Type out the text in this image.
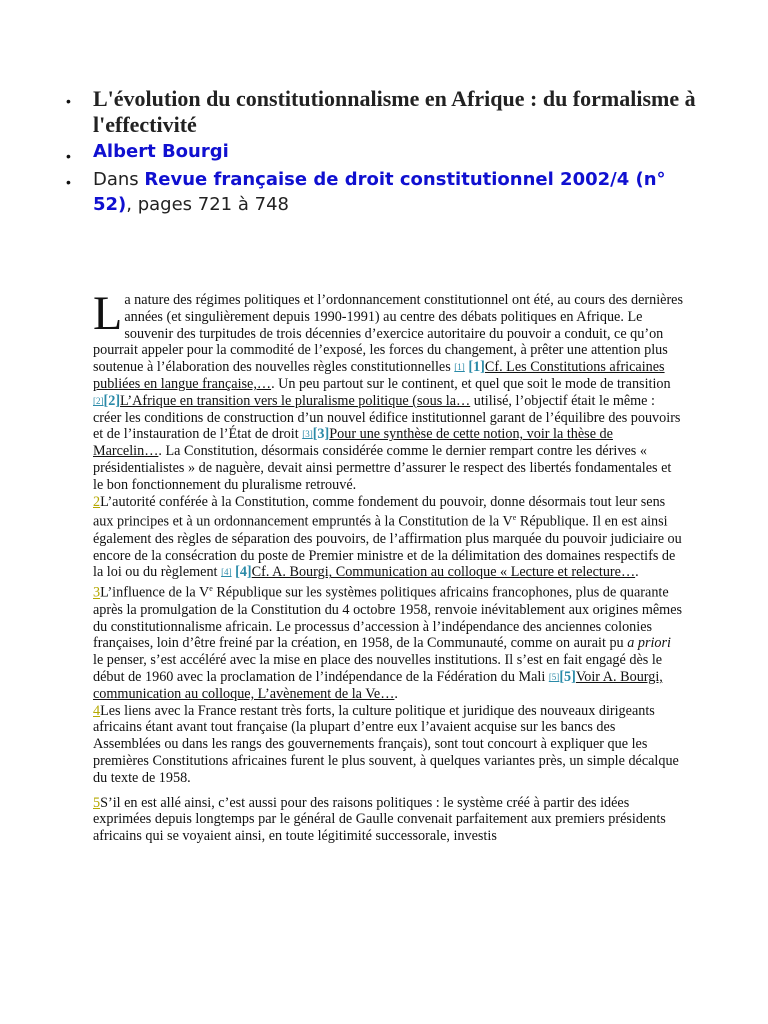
•	L'évolution du constitutionnalisme en Afrique : du formalisme à l'effectivité
•	Albert Bourgi
•	Dans Revue française de droit constitutionnel 2002/4 (n° 52), pages 721 à 748

La nature des régimes politiques et l’ordonnancement constitutionnel ont été, au cours des dernières années (et singulièrement depuis 1990-1991) au centre des débats politiques en Afrique. Le souvenir des turpitudes de trois décennies d’exercice autoritaire du pouvoir a conduit, ce qu’on pourrait appeler pour la commodité de l’exposé, les forces du changement, à prêter une attention plus soutenue à l’élaboration des nouvelles règles constitutionnelles [1] [1]Cf. Les Constitutions africaines publiées en langue française,…. Un peu partout sur le continent, et quel que soit le mode de transition [2][2]L’Afrique en transition vers le pluralisme politique (sous la… utilisé, l’objectif était le même : créer les conditions de construction d’un nouvel édifice institutionnel garant de l’équilibre des pouvoirs et de l’instauration de l’État de droit [3][3]Pour une synthèse de cette notion, voir la thèse de Marcelin…. La Constitution, désormais considérée comme le dernier rempart contre les dérives « présidentialistes » de naguère, devait ainsi permettre d’assurer le respect des libertés fondamentales et le bon fonctionnement du pluralisme retrouvé.

2L’autorité conférée à la Constitution, comme fondement du pouvoir, donne désormais tout leur sens aux principes et à un ordonnancement empruntés à la Constitution de la Ve République. Il en est ainsi également des règles de séparation des pouvoirs, de l’affirmation plus marquée du pouvoir judiciaire ou encore de la consécration du poste de Premier ministre et de la délimitation des domaines respectifs de la loi ou du règlement [4] [4]Cf. A. Bourgi, Communication au colloque « Lecture et relecture….

3L’influence de la Ve République sur les systèmes politiques africains francophones, plus de quarante après la promulgation de la Constitution du 4 octobre 1958, renvoie inévitablement aux origines mêmes du constitutionnalisme africain. Le processus d’accession à l’indépendance des anciennes colonies françaises, loin d’être freiné par la création, en 1958, de la Communauté, comme on aurait pu a priori le penser, s’est accéléré avec la mise en place des nouvelles institutions. Il s’est en fait engagé dès le début de 1960 avec la proclamation de l’indépendance de la Fédération du Mali [5][5]Voir A. Bourgi, communication au colloque, L’avènement de la Ve….

4Les liens avec la France restant très forts, la culture politique et juridique des nouveaux dirigeants africains étant avant tout française (la plupart d’entre eux l’avaient acquise sur les bancs des Assemblées ou dans les rangs des gouvernements français), sont tout concourt à expliquer que les premières Constitutions africaines furent le plus souvent, à quelques variantes près, un simple décalque du texte de 1958.

5S’il en est allé ainsi, c’est aussi pour des raisons politiques : le système créé à partir des idées exprimées depuis longtemps par le général de Gaulle convenait parfaitement aux premiers présidents africains qui se voyaient ainsi, en toute légitimité successorale, investis
